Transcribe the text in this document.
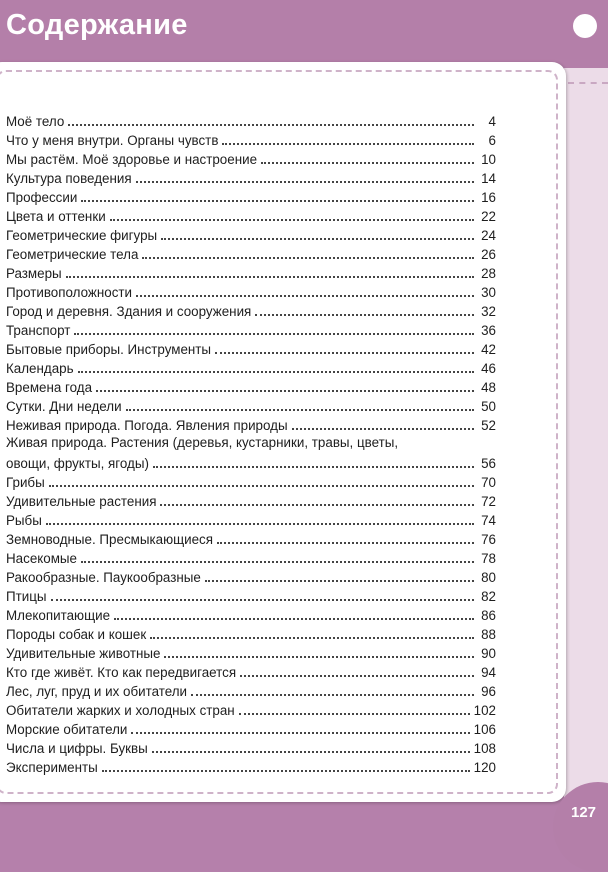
Содержание
Моё тело	4
Что у меня внутри. Органы чувств	6
Мы растём. Моё здоровье и настроение	10
Культура поведения	14
Профессии	16
Цвета и оттенки	22
Геометрические фигуры	24
Геометрические тела	26
Размеры	28
Противоположности	30
Город и деревня. Здания и сооружения	32
Транспорт	36
Бытовые приборы. Инструменты	42
Календарь	46
Времена года	48
Сутки. Дни недели	50
Неживая природа. Погода. Явления природы	52
Живая природа. Растения (деревья, кустарники, травы, цветы,
овощи, фрукты, ягоды)	56
Грибы	70
Удивительные растения	72
Рыбы	74
Земноводные. Пресмыкающиеся	76
Насекомые	78
Ракообразные. Паукообразные	80
Птицы	82
Млекопитающие	86
Породы собак и кошек	88
Удивительные животные	90
Кто где живёт. Кто как передвигается	94
Лес, луг, пруд и их обитатели	96
Обитатели жарких и холодных стран	102
Морские обитатели	106
Числа и цифры. Буквы	108
Эксперименты	120
127
